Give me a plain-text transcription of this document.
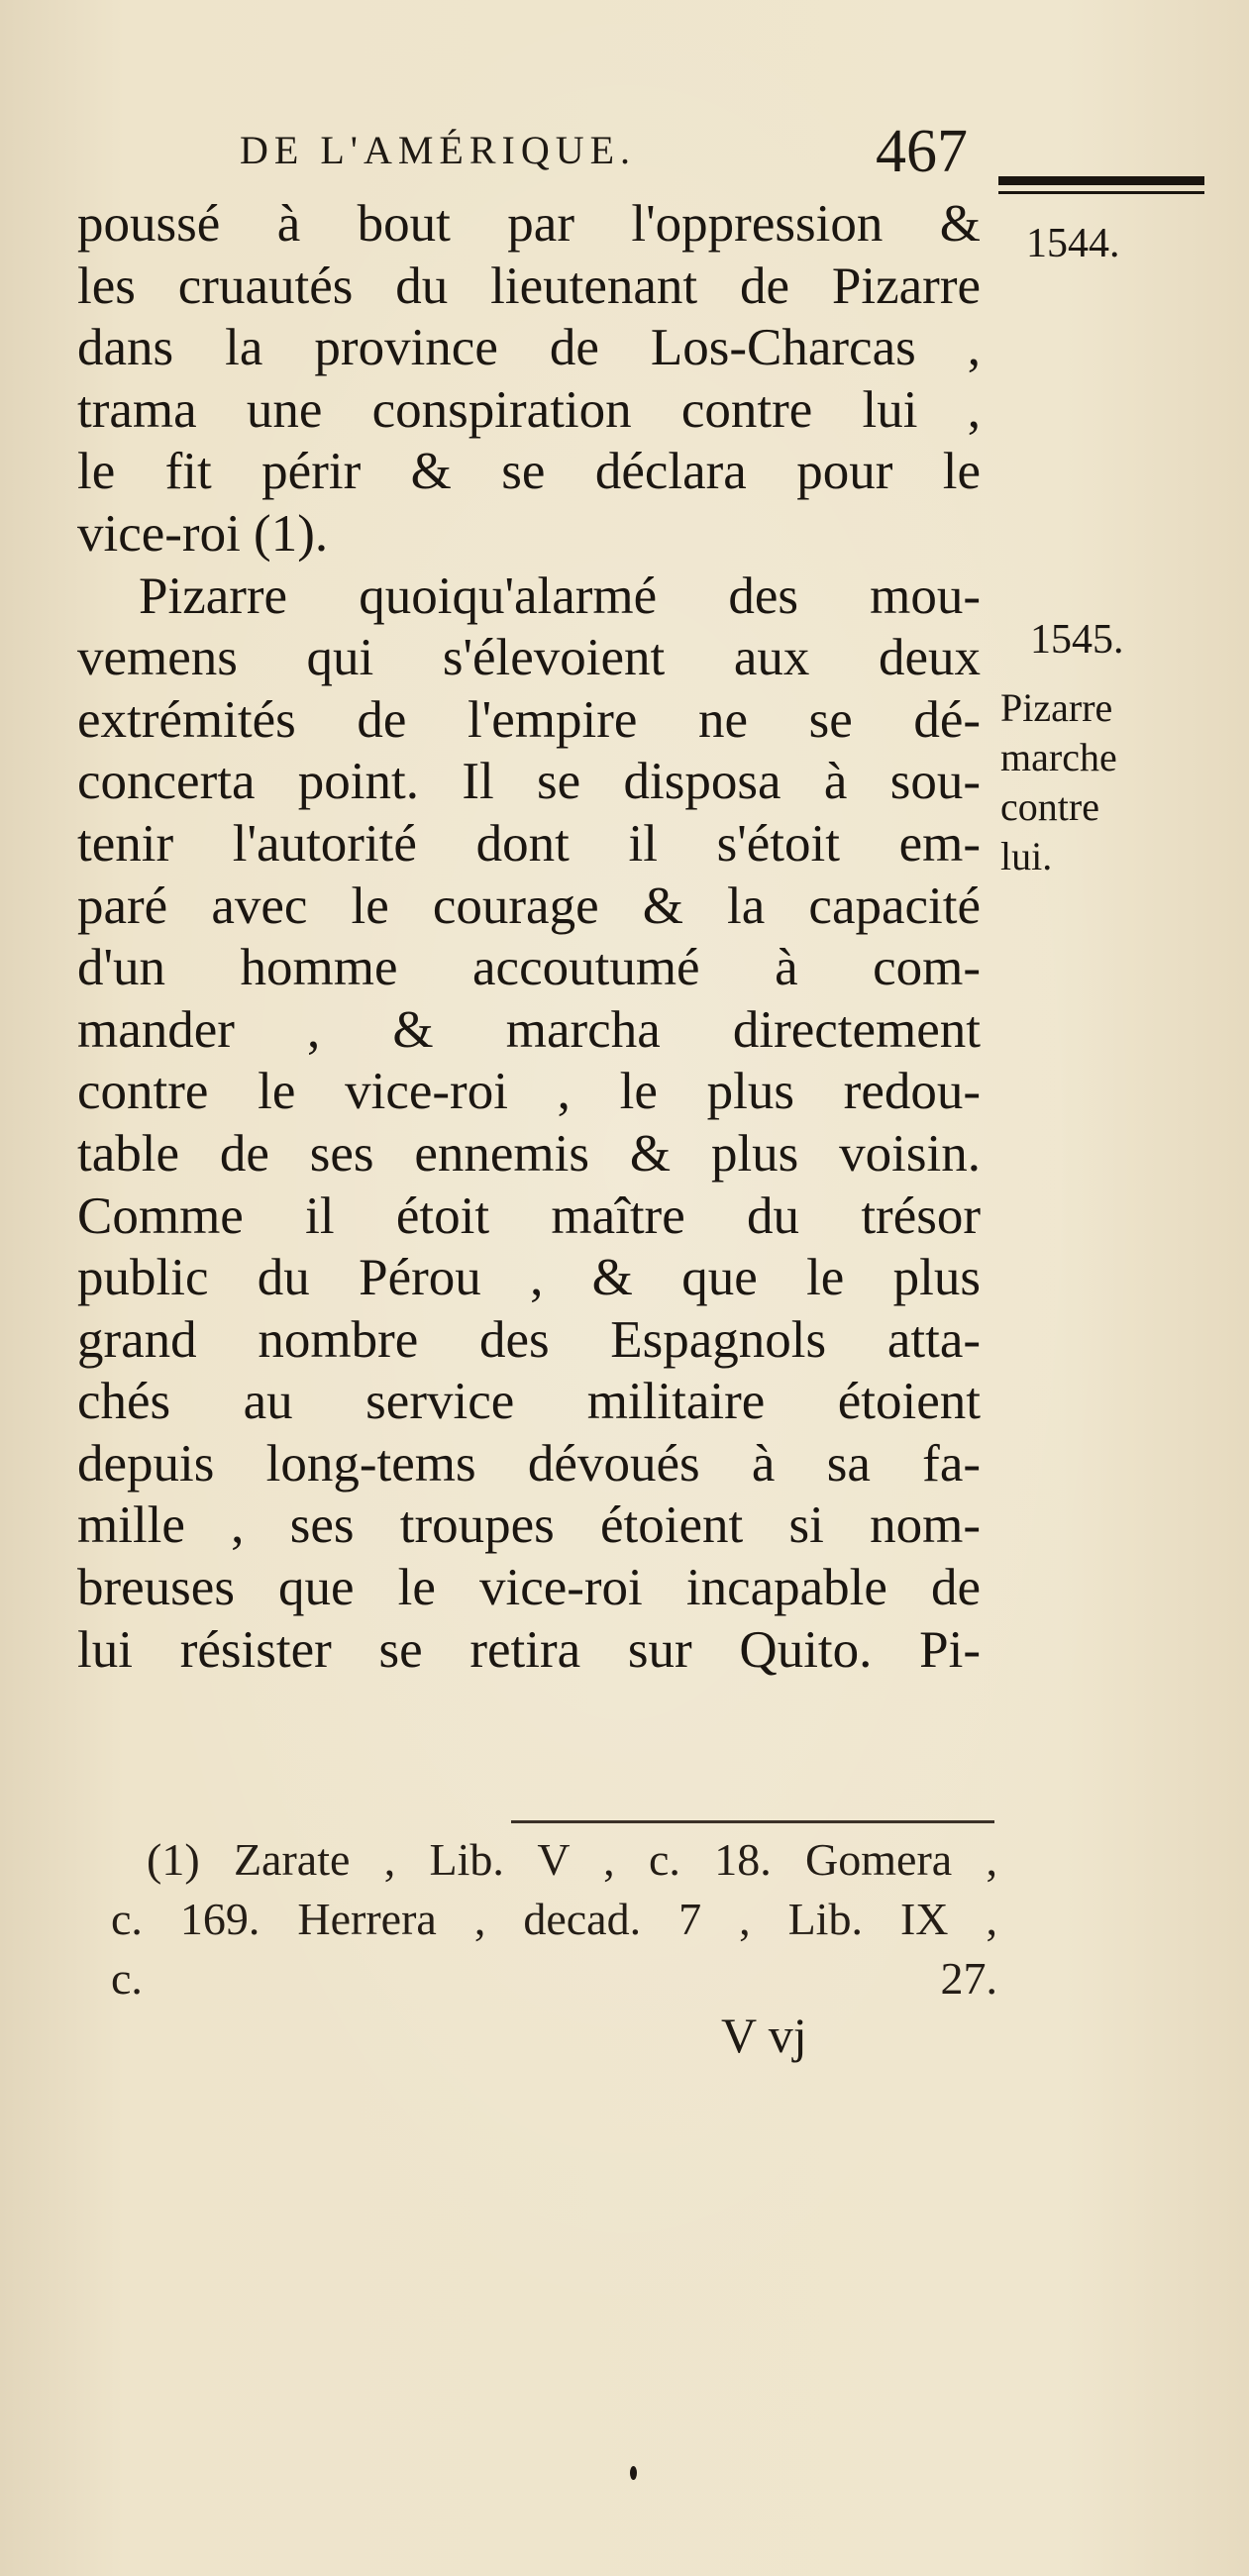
DE L'AMÉRIQUE.	467
1544.
1545.
Pizarre
marche
contre
lui.
poussé à bout par l'oppression &
les cruautés du lieutenant de Pizarre
dans la province de Los-Charcas ,
trama une conspiration contre lui ,
le fit périr & se déclara pour le
vice-roi (1).
Pizarre quoiqu'alarmé des mou-
vemens qui s'élevoient aux deux
extrémités de l'empire ne se dé-
concerta point. Il se disposa à sou-
tenir l'autorité dont il s'étoit em-
paré avec le courage & la capacité
d'un homme accoutumé à com-
mander , & marcha directement
contre le vice-roi , le plus redou-
table de ses ennemis & plus voisin.
Comme il étoit maître du trésor
public du Pérou , & que le plus
grand nombre des Espagnols atta-
chés au service militaire étoient
depuis long-tems dévoués à sa fa-
mille , ses troupes étoient si nom-
breuses que le vice-roi incapable de
lui résister se retira sur Quito. Pi-
(1) Zarate , Lib. V , c. 18. Gomera ,
c. 169. Herrera , decad. 7 , Lib. IX ,
c. 27.
V vj
